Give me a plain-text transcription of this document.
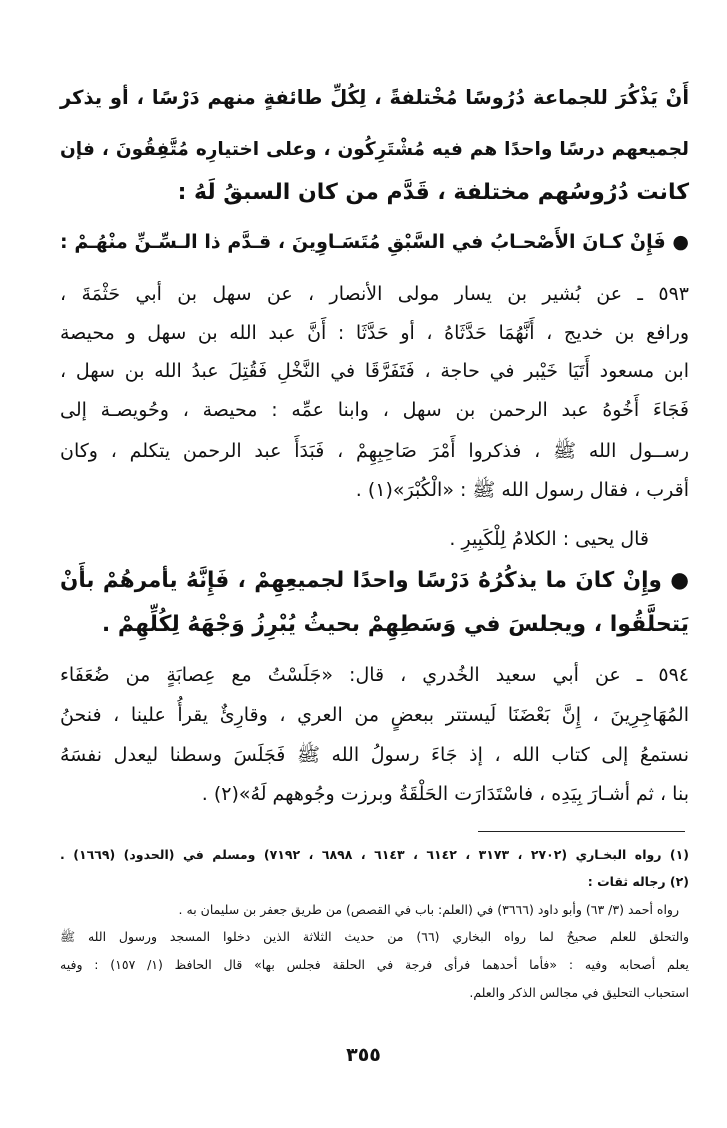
أَنْ يَذْكُرَ للجماعة دُرُوسًا مُخْتلفةً ، لِكُلِّ طائفةٍ منهم دَرْسًا ، أو يذكر
لجميعهم درسًا واحدًا هم فيه مُشْتَرِكُون ، وعلى اختيارِه مُتَّفِقُونَ ، فإن
كانت دُرُوسُهم مختلفة ، قَدَّم من كان السبقُ لَهُ :
● فَإِنْ كـانَ الأَصْحـابُ في السَّبْقِ مُتَسَـاوِينَ ، قـدَّم ذا الـسِّـنِّ منْهُـمْ :
٥٩٣ ـ عن بُشير بن يسار مولى الأنصار ، عن سهل بن أبي حَثْمَةَ ،
ورافع بن خديج ، أَنَّهُمَا حَدَّثَاهُ ، أو حَدَّثَا : أَنَّ عبد الله بن سهل و محيصة
ابن مسعود أَتَيَا خَيْبر في حاجة ، فَتَفَرَّقَا في النَّخْلِ فَقُتِلَ عبدُ الله بن سهل ،
فَجَاءَ أَخُوهُ عبد الرحمن بن سهل ، وابنا عمِّه : محيصة ، وحُويصـة إلى
رســول الله ﷺ ، فذكروا أَمْرَ صَاحِبِهِمْ ، فَبَدَأَ عبد الرحمن يتكلم ، وكان
أقرب ، فقال رسول الله ﷺ : «الْكُبْرَ»(١) .
قال يحيى : الكلامُ لِلْكَبِيرِ .
● وإِنْ كانَ ما يذكُرُهُ دَرْسًا واحدًا لجميعِهِمْ ، فَإِنَّهُ يأمرهُمْ بأَنْ
يَتحلَّقُوا ، ويجلسَ في وَسَطِهِمْ بحيثُ يُبْرِزُ وَجْهَهُ لِكُلِّهِمْ .
٥٩٤ ـ عن أبي سعيد الخُدري ، قال: «جَلَسْتُ مع عِصابَةٍ من ضُعَفَاء
المُهَاجِرِينَ ، إِنَّ بَعْضَنَا لَيستتر ببعضٍ من العري ، وقارِئٌ يقرأُ علينا ، فنحنُ
نستمعُ إلى كتاب الله ، إذ جَاءَ رسولُ الله ﷺ فَجَلَسَ وسطنا ليعدل نفسَهُ
بنا ، ثم أشـارَ بِيَدِه ، فاسْتَدَارَت الحَلْقَةُ وبرزت وجُوههم لَهُ»(٢) .
(١) رواه البخـاري (٢٧٠٢ ، ٣١٧٣ ، ٦١٤٢ ، ٦١٤٣ ، ٦٨٩٨ ، ٧١٩٢) ومسلم في (الحدود) (١٦٦٩) .
(٢) رجاله ثقات :
رواه أحمد (٣/ ٦٣) وأبو داود (٣٦٦٦) في (العلم: باب في القصص) من طريق جعفر بن سليمان به .
والتحلق للعلم صحيحٌ لما رواه البخاري (٦٦) من حديث الثلاثة الذين دخلوا المسجد ورسول الله ﷺ
يعلم أصحابه وفيه : «فأما أحدهما فرأى فرجة في الحلقة فجلس بها» قال الحافظ (١/ ١٥٧) : وفيه
استحباب التحليق في مجالس الذكر والعلم.
٣٥٥
